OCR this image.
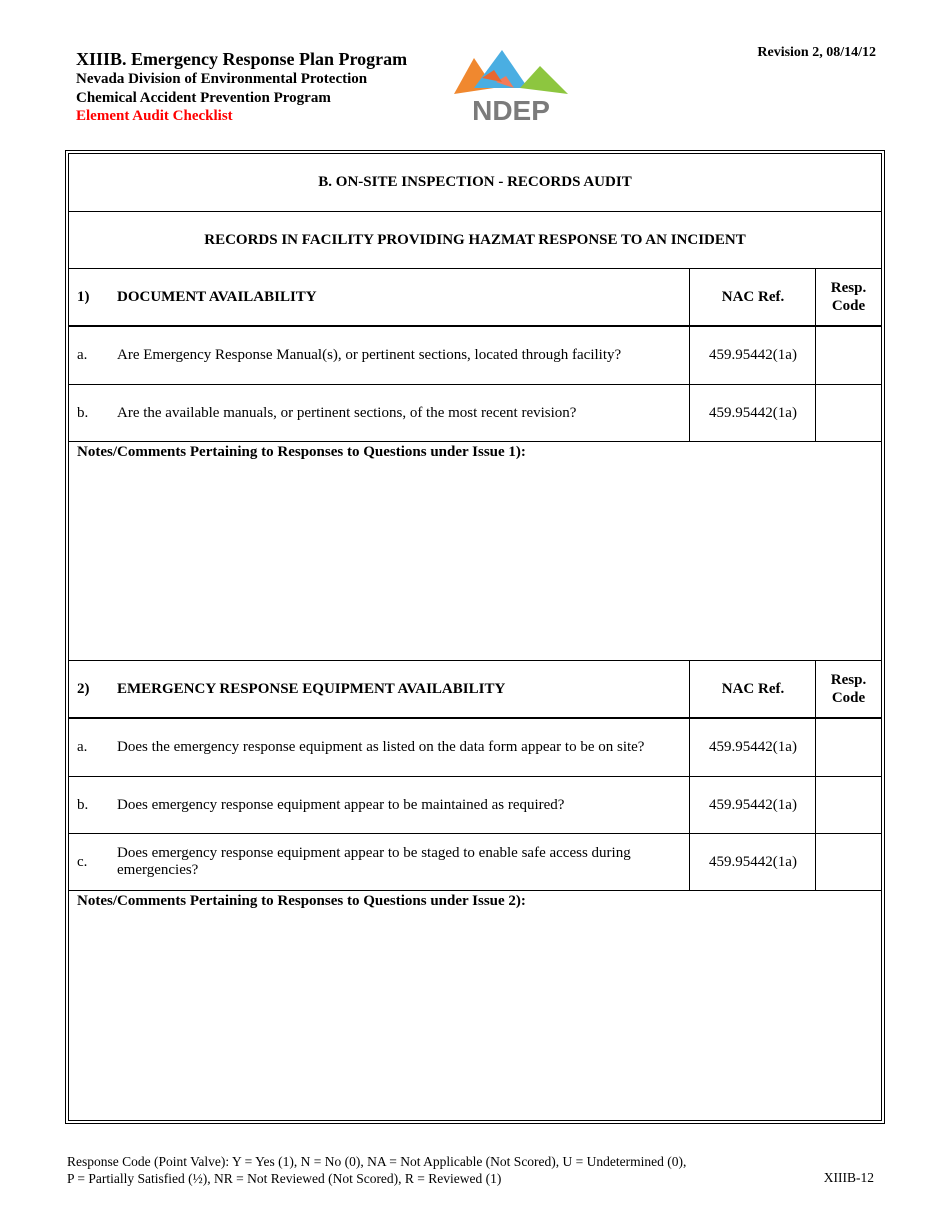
XIIIB. Emergency Response Plan Program
Nevada Division of Environmental Protection
Chemical Accident Prevention Program
Element Audit Checklist	NDEP
Revision 2, 08/14/12
B. ON-SITE INSPECTION - RECORDS AUDIT
RECORDS IN FACILITY PROVIDING HAZMAT RESPONSE TO AN INCIDENT
1) DOCUMENT AVAILABILITY	NAC Ref.
Resp.
Code
a. Are Emergency Response Manual(s), or pertinent sections, located through facility?	459.95442(1a)
b. Are the available manuals, or pertinent sections, of the most recent revision?	459.95442(1a)
Notes/Comments Pertaining to Responses to Questions under Issue 1):
2) EMERGENCY RESPONSE EQUIPMENT AVAILABILITY	NAC Ref.
Resp.
Code
a. Does the emergency response equipment as listed on the data form appear to be on site?	459.95442(1a)
b. Does emergency response equipment appear to be maintained as required?	459.95442(1a)
c.
Does emergency response equipment appear to be staged to enable safe access during emergencies?
459.95442(1a)
Notes/Comments Pertaining to Responses to Questions under Issue 2):
Response Code (Point Valve): Y = Yes (1), N = No (0), NA = Not Applicable (Not Scored), U = Undetermined (0),
P = Partially Satisfied (½), NR = Not Reviewed (Not Scored), R = Reviewed (1)	XIIIB-12
